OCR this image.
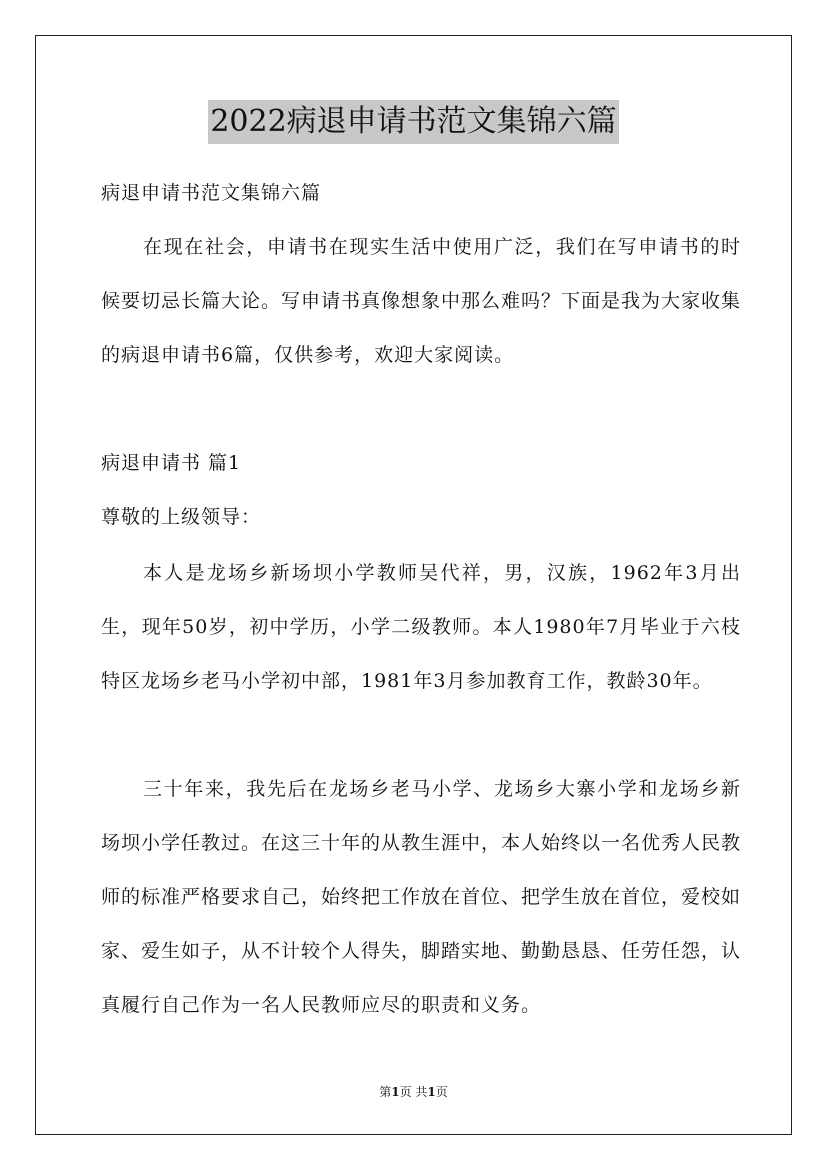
2022病退申请书范文集锦六篇

病退申请书范文集锦六篇

在现在社会，申请书在现实生活中使用广泛，我们在写申请书的时候要切忌长篇大论。写申请书真像想象中那么难吗？下面是我为大家收集的病退申请书6篇，仅供参考，欢迎大家阅读。

病退申请书 篇1

尊敬的上级领导：

本人是龙场乡新场坝小学教师吴代祥，男，汉族，1962年3月出生，现年50岁，初中学历，小学二级教师。本人1980年7月毕业于六枝特区龙场乡老马小学初中部，1981年3月参加教育工作，教龄30年。

三十年来，我先后在龙场乡老马小学、龙场乡大寨小学和龙场乡新场坝小学任教过。在这三十年的从教生涯中，本人始终以一名优秀人民教师的标准严格要求自己，始终把工作放在首位、把学生放在首位，爱校如家、爱生如子，从不计较个人得失，脚踏实地、勤勤恳恳、任劳任怨，认真履行自己作为一名人民教师应尽的职责和义务。

第1页 共1页
